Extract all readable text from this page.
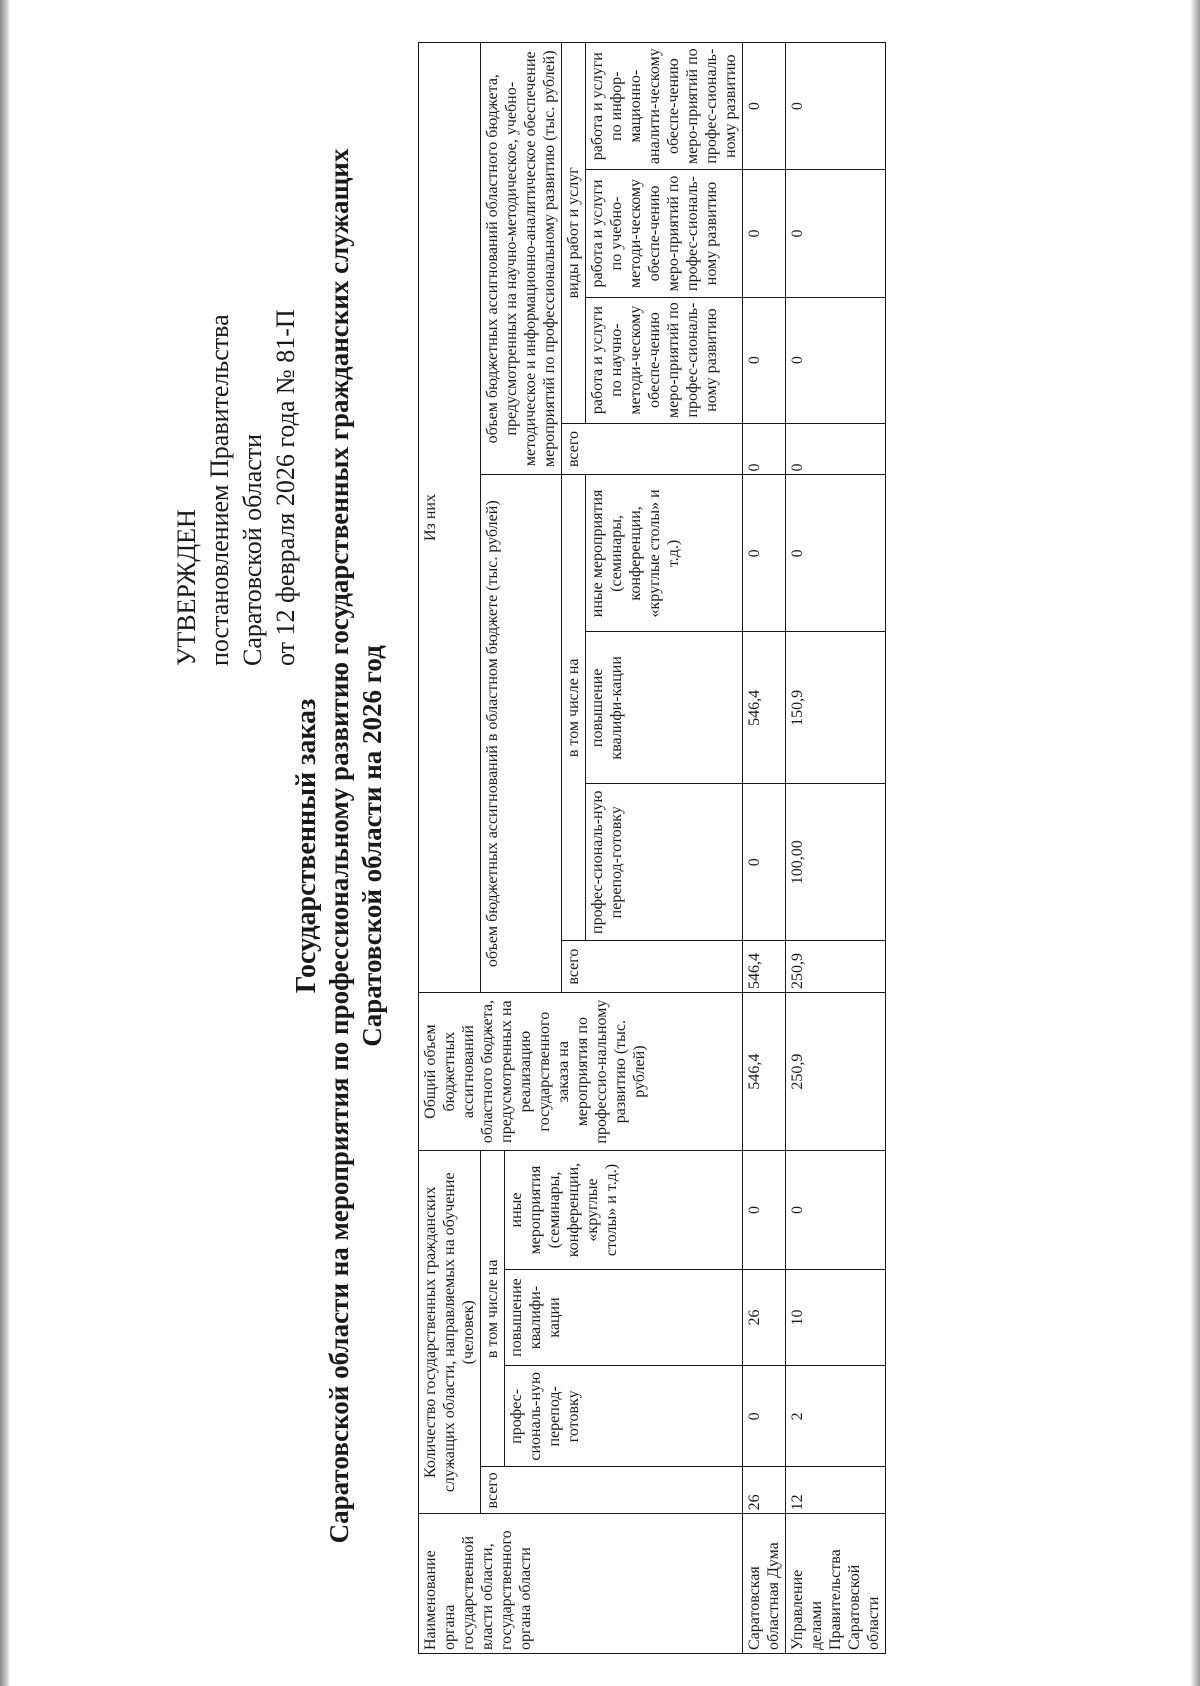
УТВЕРЖДЕН постановлением Правительства Саратовской области от 12 февраля 2026 года № 81-П
Государственный заказ Саратовской области на мероприятия по профессиональному развитию государственных гражданских служащих Саратовской области на 2026 год
Наименование органа государственной власти области, государственного органа области	Количество государственных гражданских служащих области, направляемых на обучение (человек)				Общий объем бюджетных ассигнований областного бюджета, предусмотренных на реализацию государственного заказа на мероприятия по профессио-нальному развитию (тыс. рублей)	Из них							
	всего	в том числе на				объем бюджетных ассигнований в областном бюджете (тыс. рублей)				объем бюджетных ассигнований областного бюджета, предусмотренных на научно-методическое, учебно-методическое и информационно-аналитическое обеспечение мероприятий по профессиональному развитию (тыс. рублей)			
		профес-сиональ-ную перепод-готовку	повышение квалифи-кации	иные мероприятия (семинары, конференции, «круглые столы» и т.д.)									
						всего	в том числе на			всего	виды работ и услуг		
							профес-сиональ-ную перепод-готовку	повышение квалифи-кации	иные мероприятия (семинары, конференции, «круглые столы» и т.д.)		работа и услуги по научно-методи-ческому обеспе-чению меро-приятий по профес-сиональ-ному развитию	работа и услуги по учебно-методи-ческому обеспе-чению меро-приятий по профес-сиональ-ному развитию	работа и услуги по инфор-мационно-аналити-ческому обеспе-чению меро-приятий по профес-сиональ-ному развитию
Саратовская областная Дума	26	0	26	0	546,4	546,4	0	546,4	0	0	0	0	0
Управление делами Правительства Саратовской области	12	2	10	0	250,9	250,9	100,00	150,9	0	0	0	0	0
